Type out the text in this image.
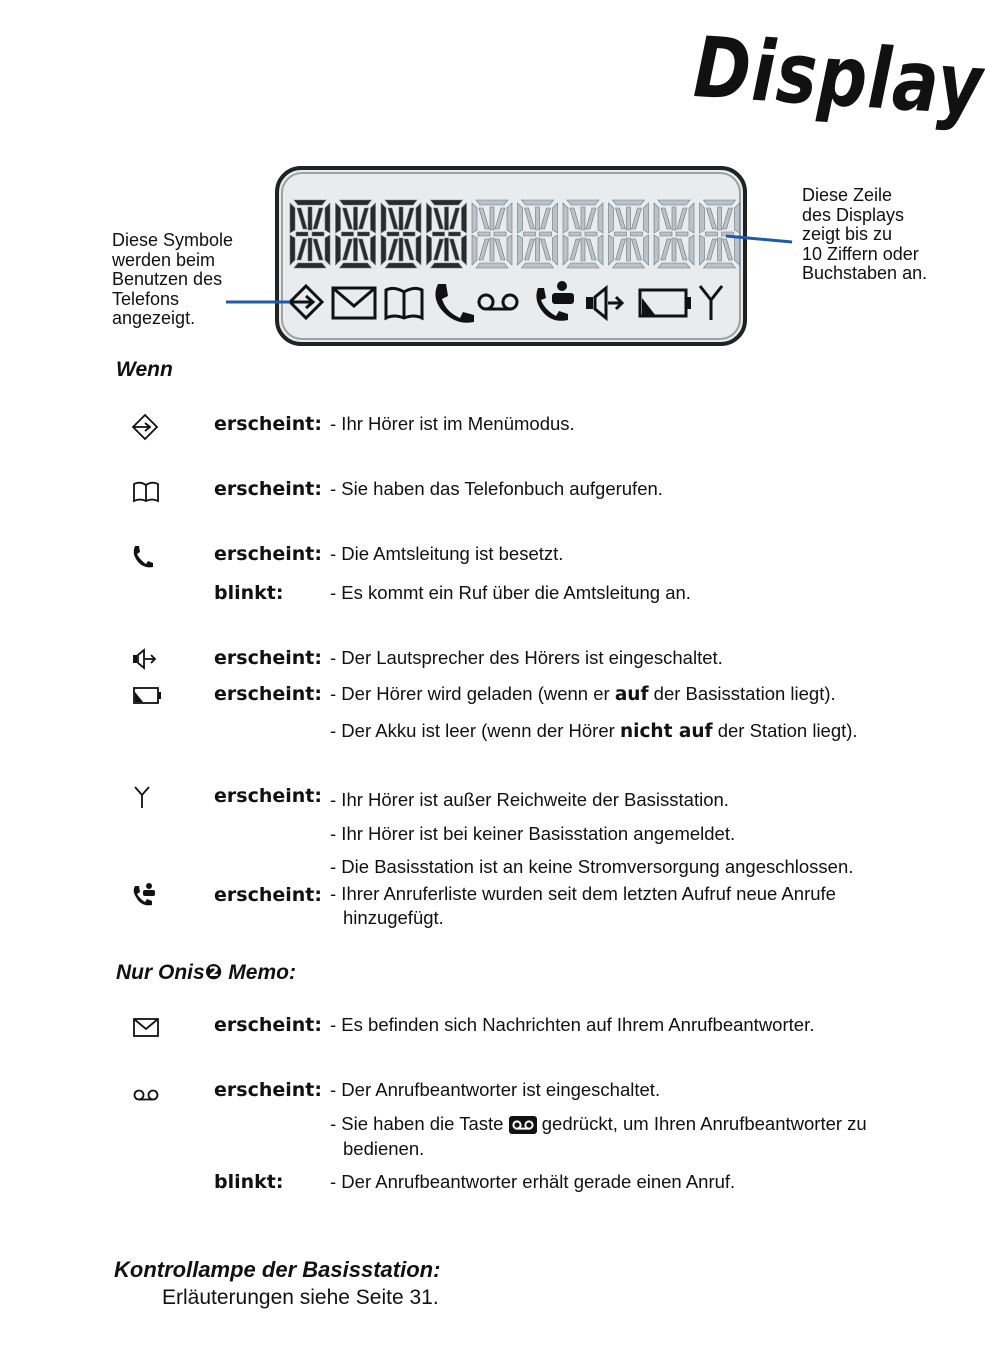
Display
Diese Symbole
werden beim
Benutzen des
Telefons
angezeigt.
Diese Zeile
des Displays
zeigt bis zu
10 Ziffern oder
Buchstaben an.
Wenn
erscheint: - Ihr Hörer ist im Menümodus.
erscheint: - Sie haben das Telefonbuch aufgerufen.
erscheint: - Die Amtsleitung ist besetzt.
blinkt:	- Es kommt ein Ruf über die Amtsleitung an.
erscheint: - Der Lautsprecher des Hörers ist eingeschaltet.
erscheint: - Der Hörer wird geladen (wenn er auf der Basisstation liegt).
- Der Akku ist leer (wenn der Hörer nicht auf der Station liegt).
erscheint: - Ihr Hörer ist außer Reichweite der Basisstation.
- Ihr Hörer ist bei keiner Basisstation angemeldet.
- Die Basisstation ist an keine Stromversorgung angeschlossen.
erscheint: - Ihrer Anruferliste wurden seit dem letzten Aufruf neue Anrufe hinzugefügt.
Nur Onis❷ Memo:
erscheint: - Es befinden sich Nachrichten auf Ihrem Anrufbeantworter.
erscheint: - Der Anrufbeantworter ist eingeschaltet.
- Sie haben die Taste  gedrückt, um Ihren Anrufbeantworter zu bedienen.
blinkt:	- Der Anrufbeantworter erhält gerade einen Anruf.
Kontrollampe der Basisstation:
Erläuterungen siehe Seite 31.
